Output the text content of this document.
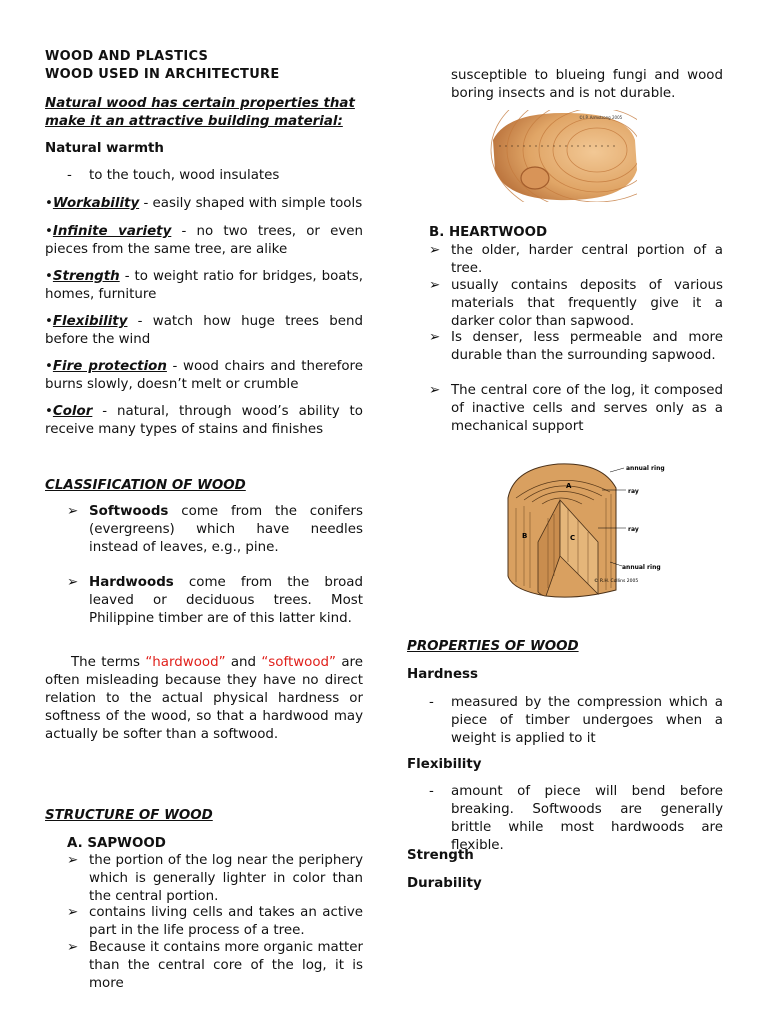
WOOD AND PLASTICS
WOOD USED IN ARCHITECTURE
Natural wood has certain properties that make it an attractive building material:
Natural warmth
- to the touch, wood insulates
•Workability - easily shaped with simple tools
•Infinite variety - no two trees, or even pieces from the same tree, are alike
•Strength - to weight ratio for bridges, boats, homes, furniture
•Flexibility - watch how huge trees bend before the wind
•Fire protection - wood chairs and therefore burns slowly, doesn’t melt or crumble
•Color - natural, through wood’s ability to receive many types of stains and finishes
CLASSIFICATION OF WOOD
➢ Softwoods come from the conifers (evergreens) which have needles instead of leaves, e.g., pine.
➢ Hardwoods come from the broad leaved or deciduous trees. Most Philippine timber are of this latter kind.
The terms “hardwood” and “softwood” are often misleading because they have no direct relation to the actual physical hardness or softness of the wood, so that a hardwood may actually be softer than a softwood.
STRUCTURE OF WOOD
A. SAPWOOD
➢ the portion of the log near the periphery which is generally lighter in color than the central portion.
➢ contains living cells and takes an active part in the life process of a tree.
➢ Because it contains more organic matter than the central core of the log, it is more
susceptible to blueing fungi and wood boring insects and is not durable.
©I.P. Armstrong 2005
B. HEARTWOOD
➢ the older, harder central portion of a tree.
➢ usually contains deposits of various materials that frequently give it a darker color than sapwood.
➢ Is denser, less permeable and more durable than the surrounding sapwood.
➢ The central core of the log, it composed of inactive cells and serves only as a mechanical support
annual ring
ray
ray
annual ring
A
B	C
© R.H. Collins 2005
PROPERTIES OF WOOD
Hardness
- measured by the compression which a piece of timber undergoes when a weight is applied to it
Flexibility
- amount of piece will bend before breaking. Softwoods are generally brittle while most hardwoods are flexible.
Strength
Durability
